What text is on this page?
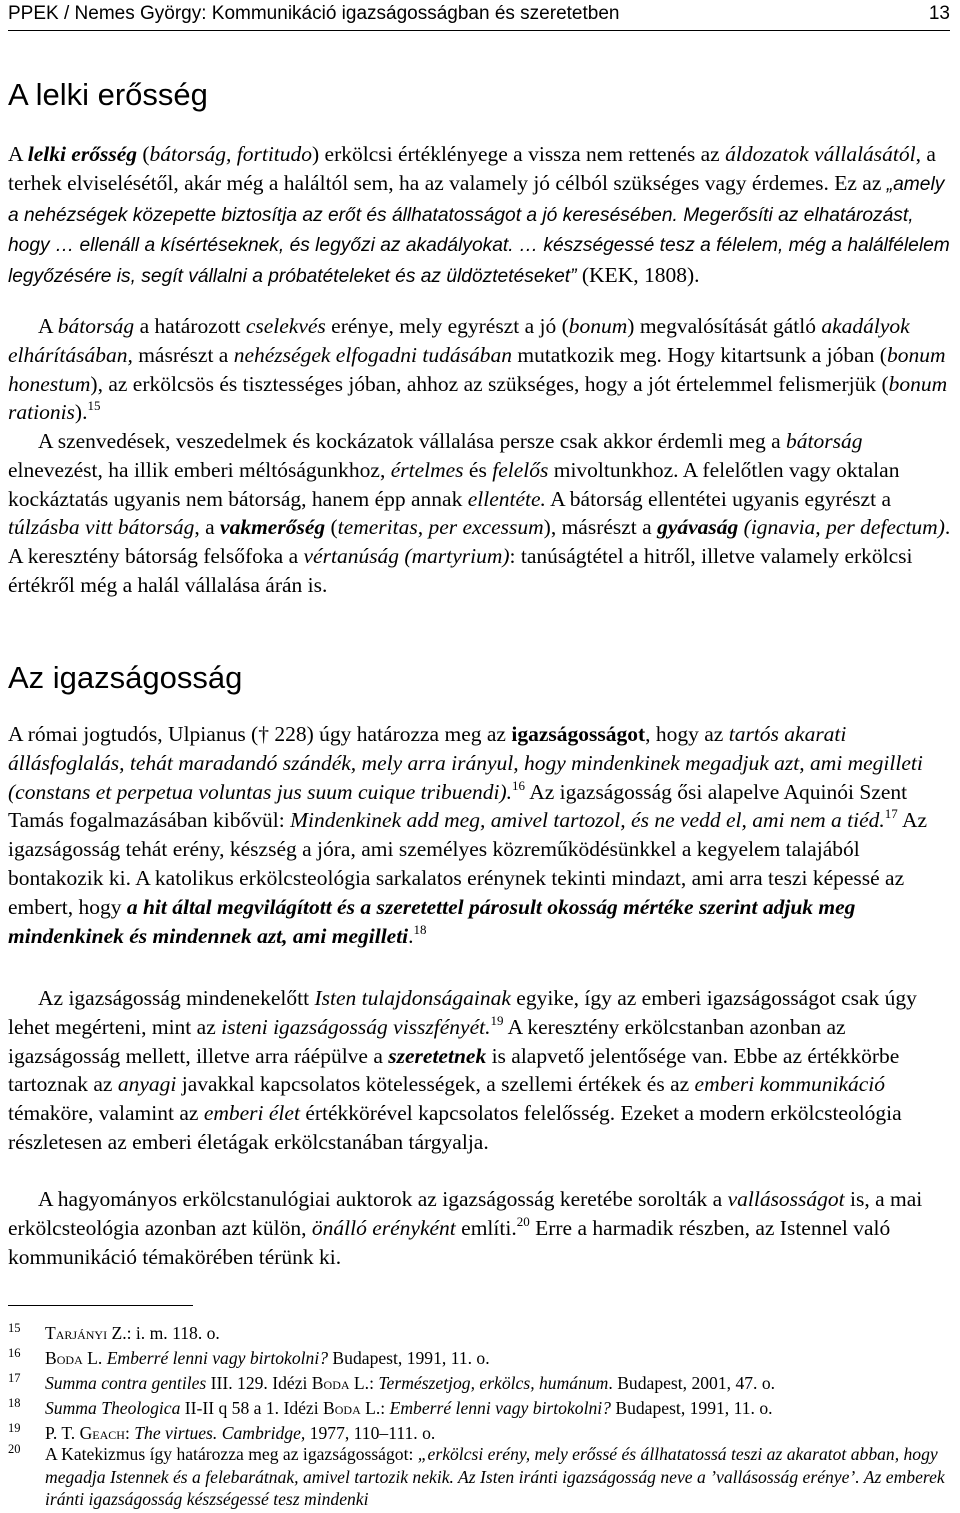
PPEK / Nemes György: Kommunikáció igazságosságban és szeretetben	13
A lelki erősség
A lelki erősség (bátorság, fortitudo) erkölcsi értéklényege a vissza nem rettenés az áldozatok vállalásától, a terhek elviselésétől, akár még a haláltól sem, ha az valamely jó célból szükséges vagy érdemes. Ez az „amely a nehézségek közepette biztosítja az erőt és állhatatosságot a jó keresésében. Megerősíti az elhatározást, hogy … ellenáll a kísértéseknek, és legyőzi az akadályokat. … készségessé tesz a félelem, még a halálfélelem legyőzésére is, segít vállalni a próbatételeket és az üldöztetéseket” (KEK, 1808).
A bátorság a határozott cselekvés erénye, mely egyrészt a jó (bonum) megvalósítását gátló akadályok elhárításában, másrészt a nehézségek elfogadni tudásában mutatkozik meg. Hogy kitartsunk a jóban (bonum honestum), az erkölcsös és tisztességes jóban, ahhoz az szükséges, hogy a jót értelemmel felismerjük (bonum rationis).$^{15}$
A szenvedések, veszedelmek és kockázatok vállalása persze csak akkor érdemli meg a bátorság elnevezést, ha illik emberi méltóságunkhoz, értelmes és felelős mivoltunkhoz. A felelőtlen vagy oktalan kockáztatás ugyanis nem bátorság, hanem épp annak ellentéte. A bátorság ellentétei ugyanis egyrészt a túlzásba vitt bátorság, a vakmerőség (temeritas, per excessum), másrészt a gyávaság (ignavia, per defectum). A keresztény bátorság felsőfoka a vértanúság (martyrium): tanúságtétel a hitről, illetve valamely erkölcsi értékről még a halál vállalása árán is.
Az igazságosság
A római jogtudós, Ulpianus († 228) úgy határozza meg az igazságosságot, hogy az tartós akarati állásfoglalás, tehát maradandó szándék, mely arra irányul, hogy mindenkinek megadjuk azt, ami megilleti (constans et perpetua voluntas jus suum cuique tribuendi).$^{16}$ Az igazságosság ősi alapelve Aquinói Szent Tamás fogalmazásában kibővül: Mindenkinek add meg, amivel tartozol, és ne vedd el, ami nem a tiéd.$^{17}$ Az igazságosság tehát erény, készség a jóra, ami személyes közreműködésünkkel a kegyelem talajából bontakozik ki. A katolikus erkölcsteológia sarkalatos erénynek tekinti mindazt, ami arra teszi képessé az embert, hogy a hit által megvilágított és a szeretettel párosult okosság mértéke szerint adjuk meg mindenkinek és mindennek azt, ami megilleti.$^{18}$
Az igazságosság mindenekelőtt Isten tulajdonságainak egyike, így az emberi igazságosságot csak úgy lehet megérteni, mint az isteni igazságosság visszfényét.$^{19}$ A keresztény erkölcstanban azonban az igazságosság mellett, illetve arra ráépülve a szeretetnek is alapvető jelentősége van. Ebbe az értékkörbe tartoznak az anyagi javakkal kapcsolatos kötelességek, a szellemi értékek és az emberi kommunikáció témaköre, valamint az emberi élet értékkörével kapcsolatos felelősség. Ezeket a modern erkölcsteológia részletesen az emberi életágak erkölcstanában tárgyalja.
A hagyományos erkölcstanulógiai auktorok az igazságosság keretébe sorolták a vallásosságot is, a mai erkölcsteológia azonban azt külön, önálló erényként említi.$^{20}$ Erre a harmadik részben, az Istennel való kommunikáció témakörében térünk ki.
15 Tarjányi Z.: i. m. 118. o.
16 Boda L. Emberré lenni vagy birtokolni? Budapest, 1991, 11. o.
17 Summa contra gentiles III. 129. Idézi Boda L.: Természetjog, erkölcs, humánum. Budapest, 2001, 47. o.
18 Summa Theologica II-II q 58 a 1. Idézi Boda L.: Emberré lenni vagy birtokolni? Budapest, 1991, 11. o.
19 P. T. Geach: The virtues. Cambridge, 1977, 110–111. o.
20 A Katekizmus így határozza meg az igazságosságot: „erkölcsi erény, mely erőssé és állhatatossá teszi az akaratot abban, hogy megadja Istennek és a felebarátnak, amivel tartozik nekik. Az Isten iránti igazságosság neve a ’vallásosság erénye’. Az emberek iránti igazságosság készségessé tesz mindenki
